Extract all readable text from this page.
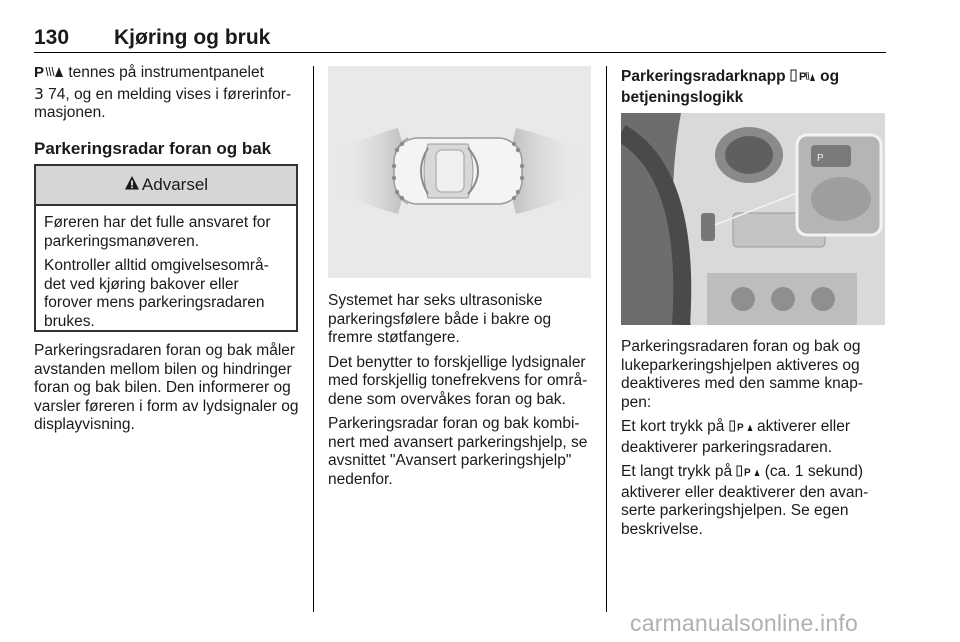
130 Kjøring og bruk

P tennes på instrumentpanelet
3 74, og en melding vises i førerinfor-
masjonen.

Parkeringsradar foran og bak
Advarsel

Føreren har det fulle ansvaret for parkeringsmanøveren.

Kontroller alltid omgivelsesområ-det ved kjøring bakover eller forover mens parkeringsradaren brukes.

Parkeringsradaren foran og bak måler avstanden mellom bilen og hindringer foran og bak bilen. Den informerer og varsler føreren i form av lydsignaler og displayvisning.

Systemet har seks ultrasoniske parkeringsfølere både i bakre og fremre støtfangere.

Det benytter to forskjellige lydsignaler med forskjellig tonefrekvens for områ-dene som overvåkes foran og bak.

Parkeringsradar foran og bak kombi-nert med avansert parkeringshjelp, se avsnittet "Avansert parkeringshjelp" nedenfor.

Parkeringsradarknapp P og
betjeningslogikk
P

Parkeringsradaren foran og bak og lukeparkeringshjelpen aktiveres og deaktiveres med den samme knap-pen:

Et kort trykk på P aktiverer eller deaktiverer parkeringsradaren.

Et langt trykk på P (ca. 1 sekund) aktiverer eller deaktiverer den avan-serte parkeringshjelpen. Se egen beskrivelse.

carmanualsonline.info
